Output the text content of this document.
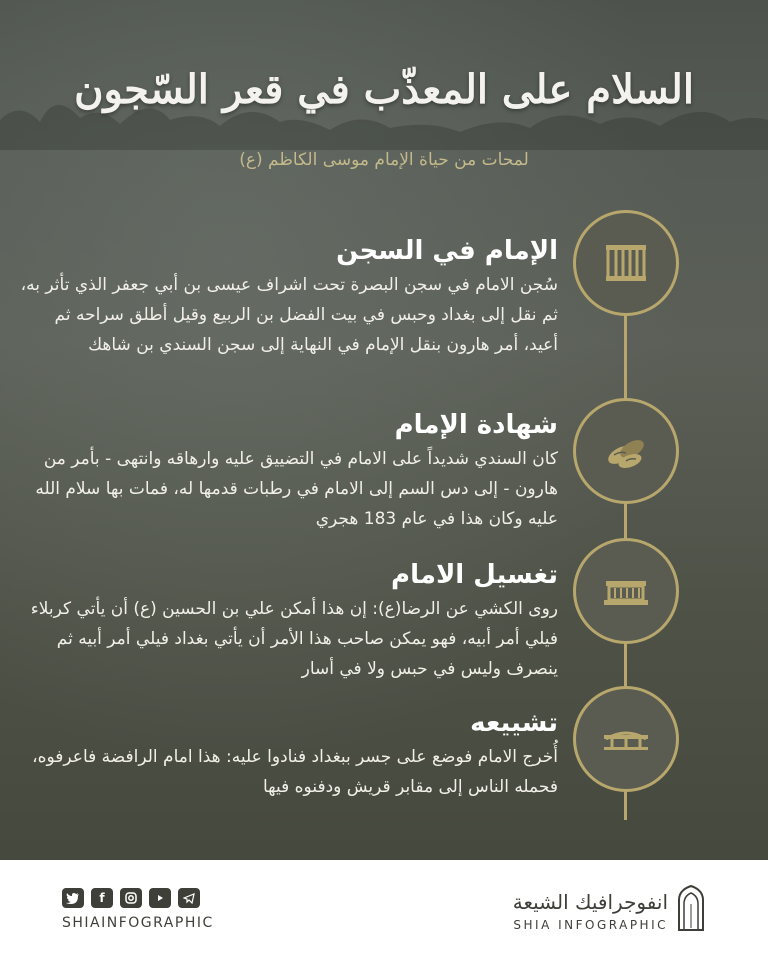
السلام على المعذّب في قعر السّجون
لمحات من حياة الإمام موسى الكاظم (ع)
الإمام في السجن

سُجن الامام في سجن البصرة تحت اشراف عيسى بن أبي جعفر الذي تأثر به، ثم نقل إلى بغداد وحبس في بيت الفضل بن الربيع وقيل أطلق سراحه ثم أعيد، أمر هارون بنقل الإمام في النهاية إلى سجن السندي بن شاهك

شهادة الإمام

كان السندي شديداً على الامام في التضييق عليه وارهاقه وانتهى - بأمر من هارون - إلى دس السم إلى الامام في رطبات قدمها له، فمات بها سلام الله عليه وكان هذا في عام 183 هجري

تغسيل الامام

روى الكشي عن الرضا(ع): إن هذا أمكن علي بن الحسين (ع) أن يأتي كربلاء فيلي أمر أبيه، فهو يمكن صاحب هذا الأمر أن يأتي بغداد فيلي أمر أبيه ثم ينصرف وليس في حبس ولا في أسار

تشييعه

أُخرج الامام فوضع على جسر ببغداد فنادوا عليه: هذا امام الرافضة فاعرفوه، فحمله الناس إلى مقابر قريش ودفنوه فيها

f
SHIAINFOGRAPHIC
انفوجرافيك الشيعة
SHIA INFOGRAPHIC
